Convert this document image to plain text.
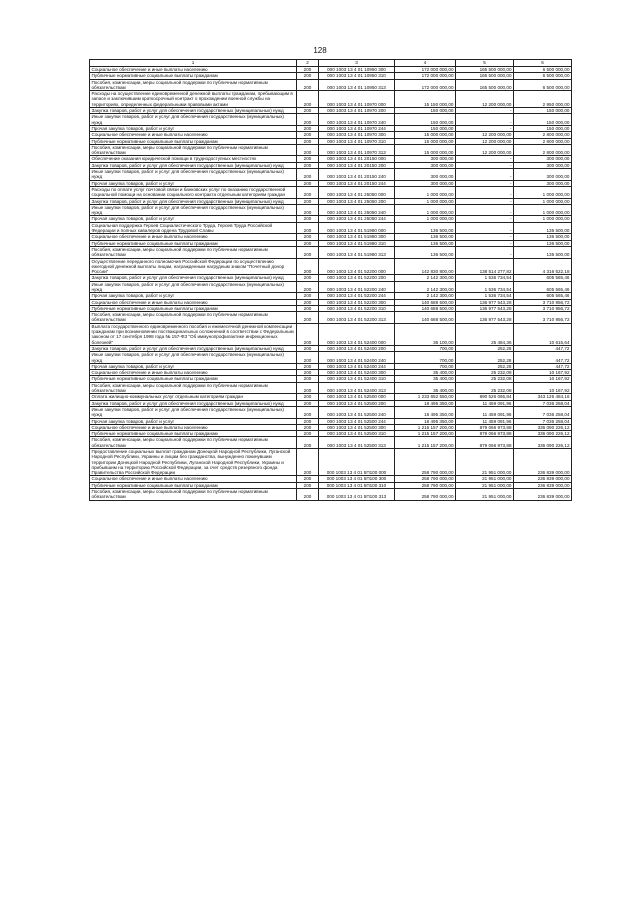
128
1	2	3	4	5	6
Социальное обеспечение и иные выплаты населению	200	000 1003 13 4 01 10950 300	172 000 000,00	165 500 000,00	6 500 000,00
Публичные нормативные социальные выплаты гражданам	200	000 1003 13 4 01 10950 310	172 000 000,00	165 500 000,00	6 500 000,00
Пособия, компенсации, меры социальной поддержки по публичным нормативным обязательствам	200	000 1003 13 4 01 10950 313	172 000 000,00	165 500 000,00	6 500 000,00
Расходы на осуществление единовременной денежной выплаты гражданам, пребывающим в запасе и заключившим краткосрочный контракт о прохождении военной службы на территориях, определенных федеральными правовыми актами	200	000 1003 13 4 01 10970 000	15 150 000,00	12 200 000,00	2 950 000,00
Закупка товаров, работ и услуг для обеспечения государственных (муниципальных) нужд	200	000 1003 13 4 01 10970 200	150 000,00	-	150 000,00
Иные закупки товаров, работ и услуг для обеспечения государственных (муниципальных) нужд	200	000 1003 13 4 01 10970 240	150 000,00	-	150 000,00
Прочая закупка товаров, работ и услуг	200	000 1003 13 4 01 10970 244	150 000,00	-	150 000,00
Социальное обеспечение и иные выплаты населению	200	000 1003 13 4 01 10970 300	15 000 000,00	12 200 000,00	2 800 000,00
Публичные нормативные социальные выплаты гражданам	200	000 1003 13 4 01 10970 310	15 000 000,00	12 200 000,00	2 800 000,00
Пособия, компенсации, меры социальной поддержки по публичным нормативным обязательствам	200	000 1003 13 4 01 10970 313	15 000 000,00	12 200 000,00	2 800 000,00
Обеспечение оказания юридической помощи в труднодоступных местностях	200	000 1003 13 4 01 20150 000	300 000,00	-	300 000,00
Закупка товаров, работ и услуг для обеспечения государственных (муниципальных) нужд	200	000 1003 13 4 01 20150 200	300 000,00	-	300 000,00
Иные закупки товаров, работ и услуг для обеспечения государственных (муниципальных) нужд	200	000 1003 13 4 01 20150 240	300 000,00	-	300 000,00
Прочая закупка товаров, работ и услуг	200	000 1003 13 4 01 20150 244	300 000,00	-	300 000,00
Расходы по оплате услуг почтовой связи и банковских услуг по оказанию государственной социальной помощи на основании социального контракта отдельным категориям граждан	200	000 1003 13 4 01 25050 000	1 000 000,00	-	1 000 000,00
Закупка товаров, работ и услуг для обеспечения государственных (муниципальных) нужд	200	000 1003 13 4 01 25050 200	1 000 000,00	-	1 000 000,00
Иные закупки товаров, работ и услуг для обеспечения государственных (муниципальных) нужд	200	000 1003 13 4 01 25050 240	1 000 000,00	-	1 000 000,00
Прочая закупка товаров, работ и услуг	200	000 1003 13 4 01 25050 244	1 000 000,00	-	1 000 000,00
Социальная поддержка Героев Социалистического Труда, Героев Труда Российской Федерации и полных кавалеров ордена Трудовой Славы	200	000 1003 13 4 01 51980 000	136 500,00	-	136 500,00
Социальное обеспечение и иные выплаты населению	200	000 1003 13 4 01 51980 300	136 500,00	-	136 500,00
Публичные нормативные социальные выплаты гражданам	200	000 1003 13 4 01 51980 310	136 500,00	-	136 500,00
Пособия, компенсации, меры социальной поддержки по публичным нормативным обязательствам	200	000 1003 13 4 01 51980 313	136 500,00	-	136 500,00
Осуществление переданного полномочия Российской Федерации по осуществлению ежегодной денежной выплаты лицам, награжденным нагрудным знаком "Почетный донор России"	200	000 1003 13 4 01 52200 000	142 830 800,00	138 514 277,82	4 316 522,18
Закупка товаров, работ и услуг для обеспечения государственных (муниципальных) нужд	200	000 1003 13 4 01 52200 200	2 142 300,00	1 536 734,54	605 565,46
Иные закупки товаров, работ и услуг для обеспечения государственных (муниципальных) нужд	200	000 1003 13 4 01 52200 240	2 142 300,00	1 536 734,54	605 565,46
Прочая закупка товаров, работ и услуг	200	000 1003 13 4 01 52200 244	2 142 300,00	1 536 734,54	605 565,46
Социальное обеспечение и иные выплаты населению	200	000 1003 13 4 01 52200 300	140 688 500,00	136 977 543,28	3 710 956,72
Публичные нормативные социальные выплаты гражданам	200	000 1003 13 4 01 52200 310	140 688 500,00	136 977 543,28	3 710 956,72
Пособия, компенсации, меры социальной поддержки по публичным нормативным обязательствам	200	000 1003 13 4 01 52200 313	140 688 500,00	136 977 543,28	3 710 956,72
Выплата государственного единовременного пособия и ежемесячной денежной компенсации гражданам при возникновении поствакцинальных осложнений в соответствии с Федеральным законом от 17 сентября 1998 года № 157-ФЗ "Об иммунопрофилактике инфекционных болезней"	200	000 1003 13 4 01 52400 000	36 100,00	25 484,36	10 615,64
Закупка товаров, работ и услуг для обеспечения государственных (муниципальных) нужд	200	000 1003 13 4 01 52400 200	700,00	252,28	447,72
Иные закупки товаров, работ и услуг для обеспечения государственных (муниципальных) нужд	200	000 1003 13 4 01 52400 240	700,00	252,28	447,72
Прочая закупка товаров, работ и услуг	200	000 1003 13 4 01 52400 244	700,00	252,28	447,72
Социальное обеспечение и иные выплаты населению	200	000 1003 13 4 01 52400 300	35 400,00	25 232,08	10 167,92
Публичные нормативные социальные выплаты гражданам	200	000 1003 13 4 01 52400 310	35 400,00	25 232,08	10 167,92
Пособия, компенсации, меры социальной поддержки по публичным нормативным обязательствам	200	000 1003 13 4 01 52400 313	35 400,00	25 232,08	10 167,92
Оплата жилищно-коммунальных услуг отдельным категориям граждан	200	000 1003 13 4 01 52500 000	1 233 652 550,00	890 526 065,84	343 126 484,16
Закупка товаров, работ и услуг для обеспечения государственных (муниципальных) нужд	200	000 1003 13 4 01 52500 200	18 495 350,00	11 459 091,96	7 036 258,04
Иные закупки товаров, работ и услуг для обеспечения государственных (муниципальных) нужд	200	000 1003 13 4 01 52500 240	18 495 350,00	11 459 091,96	7 036 258,04
Прочая закупка товаров, работ и услуг	200	000 1003 13 4 01 52500 244	18 495 350,00	11 459 091,96	7 036 258,04
Социальное обеспечение и иные выплаты населению	200	000 1003 13 4 01 52500 300	1 215 157 200,00	879 066 973,88	336 090 226,12
Публичные нормативные социальные выплаты гражданам	200	000 1003 13 4 01 52500 310	1 215 157 200,00	879 066 973,88	336 090 226,12
Пособия, компенсации, меры социальной поддержки по публичным нормативным обязательствам	200	000 1003 13 4 01 52500 313	1 215 157 200,00	879 066 973,88	336 090 226,12
Предоставление социальных выплат гражданам Донецкой Народной Республики, Луганской Народной Республики, Украины и лицам без гражданства, вынужденно покинувшим территории Донецкой Народной Республики, Луганской Народной Республики, Украины и прибывшим на территорию Российской Федерации, за счет средств резервного фонда Правительства Российской Федерации	200	000 1003 13 4 01 5П100 000	258 790 000,00	21 951 000,00	236 839 000,00
Социальное обеспечение и иные выплаты населению	200	000 1003 13 4 01 5П100 300	258 790 000,00	21 951 000,00	236 839 000,00
Публичные нормативные социальные выплаты гражданам	200	000 1003 13 4 01 5П100 310	258 790 000,00	21 951 000,00	236 839 000,00
Пособия, компенсации, меры социальной поддержки по публичным нормативным обязательствам	200	000 1003 13 4 01 5П100 313	258 790 000,00	21 951 000,00	236 839 000,00
